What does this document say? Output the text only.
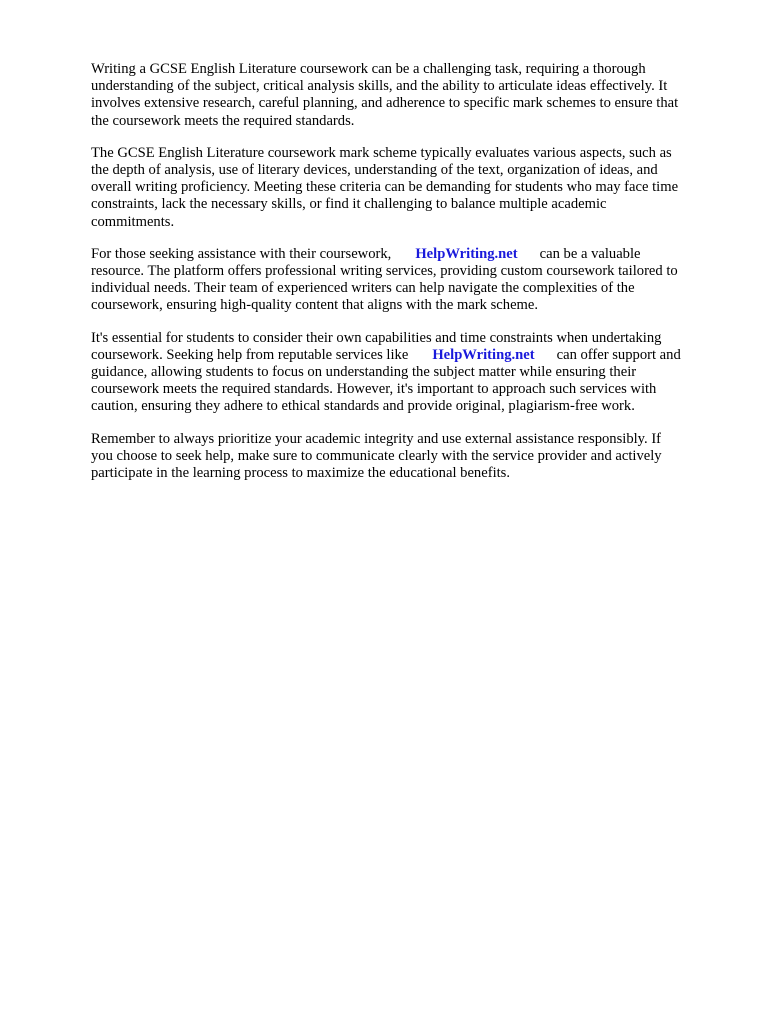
Writing a GCSE English Literature coursework can be a challenging task, requiring a thorough
understanding of the subject, critical analysis skills, and the ability to articulate ideas effectively. It
involves extensive research, careful planning, and adherence to specific mark schemes to ensure that
the coursework meets the required standards.

The GCSE English Literature coursework mark scheme typically evaluates various aspects, such as
the depth of analysis, use of literary devices, understanding of the text, organization of ideas, and
overall writing proficiency. Meeting these criteria can be demanding for students who may face time
constraints, lack the necessary skills, or find it challenging to balance multiple academic
commitments.

For those seeking assistance with their coursework, HelpWriting.net can be a valuable
resource. The platform offers professional writing services, providing custom coursework tailored to
individual needs. Their team of experienced writers can help navigate the complexities of the
coursework, ensuring high-quality content that aligns with the mark scheme.

It's essential for students to consider their own capabilities and time constraints when undertaking
coursework. Seeking help from reputable services like HelpWriting.net can offer support and
guidance, allowing students to focus on understanding the subject matter while ensuring their
coursework meets the required standards. However, it's important to approach such services with
caution, ensuring they adhere to ethical standards and provide original, plagiarism-free work.

Remember to always prioritize your academic integrity and use external assistance responsibly. If
you choose to seek help, make sure to communicate clearly with the service provider and actively
participate in the learning process to maximize the educational benefits.
